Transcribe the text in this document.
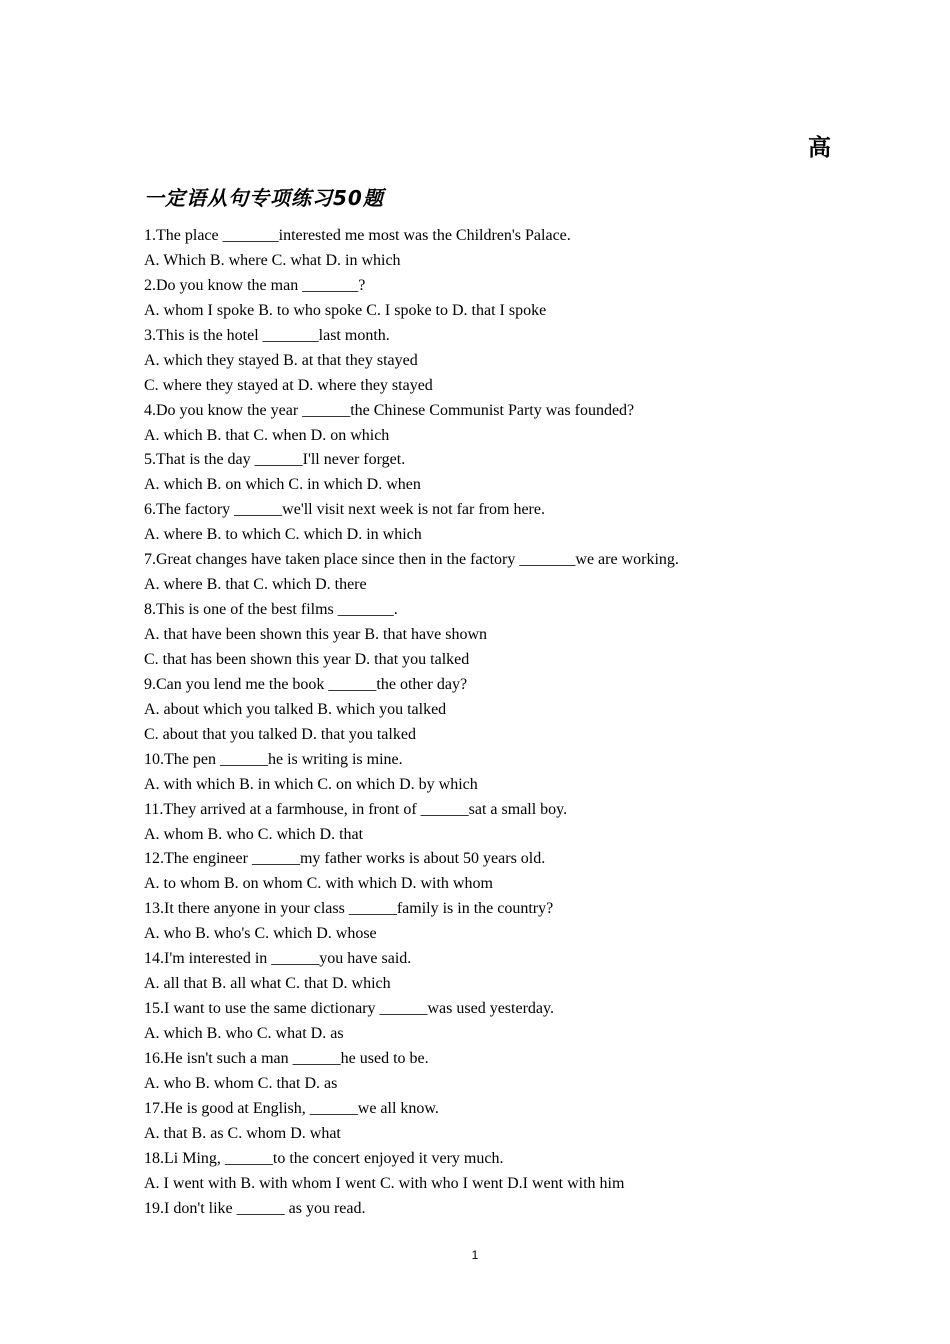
高
一定语从句专项练习50题
1.The place _______interested me most was the Children's Palace.
A. Which B. where C. what D. in which
2.Do you know the man _______?
A. whom I spoke B. to who spoke C. I spoke to D. that I spoke
3.This is the hotel _______last month.
A. which they stayed B. at that they stayed
C. where they stayed at D. where they stayed
4.Do you know the year ______the Chinese Communist Party was founded?
A. which B. that C. when D. on which
5.That is the day ______I'll never forget.
A. which B. on which C. in which D. when
6.The factory ______we'll visit next week is not far from here.
A. where B. to which C. which D. in which
7.Great changes have taken place since then in the factory _______we are working.
A. where B. that C. which D. there
8.This is one of the best films _______.
A. that have been shown this year B. that have shown
C. that has been shown this year D. that you talked
9.Can you lend me the book ______the other day?
A. about which you talked B. which you talked
C. about that you talked D. that you talked
10.The pen ______he is writing is mine.
A. with which B. in which C. on which D. by which
11.They arrived at a farmhouse, in front of ______sat a small boy.
A. whom B. who C. which D. that
12.The engineer ______my father works is about 50 years old.
A. to whom B. on whom C. with which D. with whom
13.It there anyone in your class ______family is in the country?
A. who B. who's C. which D. whose
14.I'm interested in ______you have said.
A. all that B. all what C. that D. which
15.I want to use the same dictionary ______was used yesterday.
A. which B. who C. what D. as
16.He isn't such a man ______he used to be.
A. who B. whom C. that D. as
17.He is good at English, ______we all know.
A. that B. as C. whom D. what
18.Li Ming, ______to the concert enjoyed it very much.
A. I went with B. with whom I went C. with who I went D.I went with him
19.I don't like ______ as you read.
1
